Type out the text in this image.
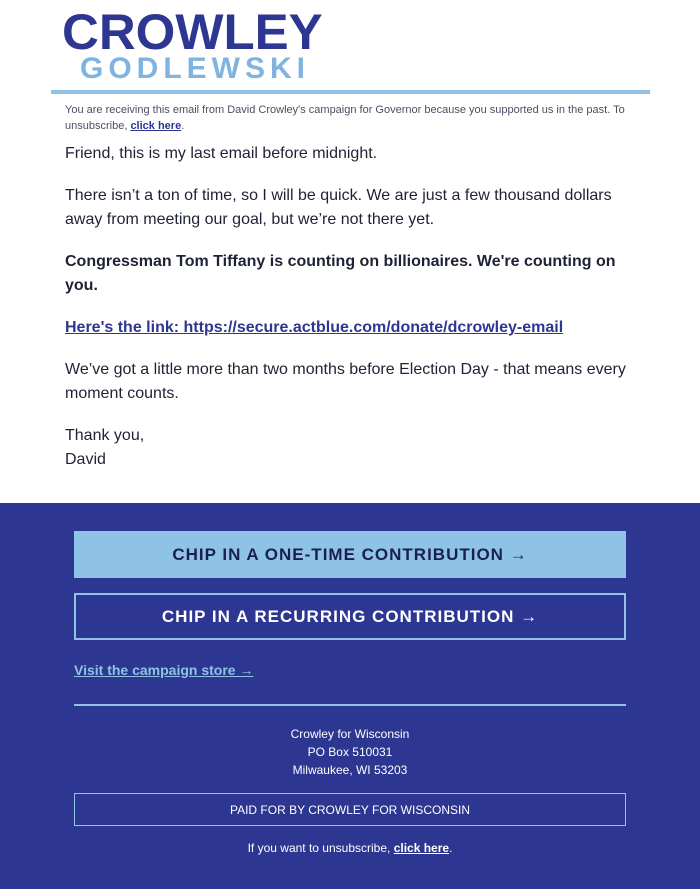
CROWLEY
GODLEWSKI

You are receiving this email from David Crowley's campaign for Governor because you supported us in the past. To unsubscribe, click here.

Friend, this is my last email before midnight.

There isn’t a ton of time, so I will be quick. We are just a few thousand dollars away from meeting our goal, but we’re not there yet.

Congressman Tom Tiffany is counting on billionaires. We're counting on you.

Here's the link: https://secure.actblue.com/donate/dcrowley-email

We’ve got a little more than two months before Election Day - that means every moment counts.

Thank you,
David

CHIP IN A ONE-TIME CONTRIBUTION →
CHIP IN A RECURRING CONTRIBUTION →
Visit the campaign store →
Crowley for Wisconsin
PO Box 510031
Milwaukee, WI 53203
PAID FOR BY CROWLEY FOR WISCONSIN
If you want to unsubscribe, click here.
